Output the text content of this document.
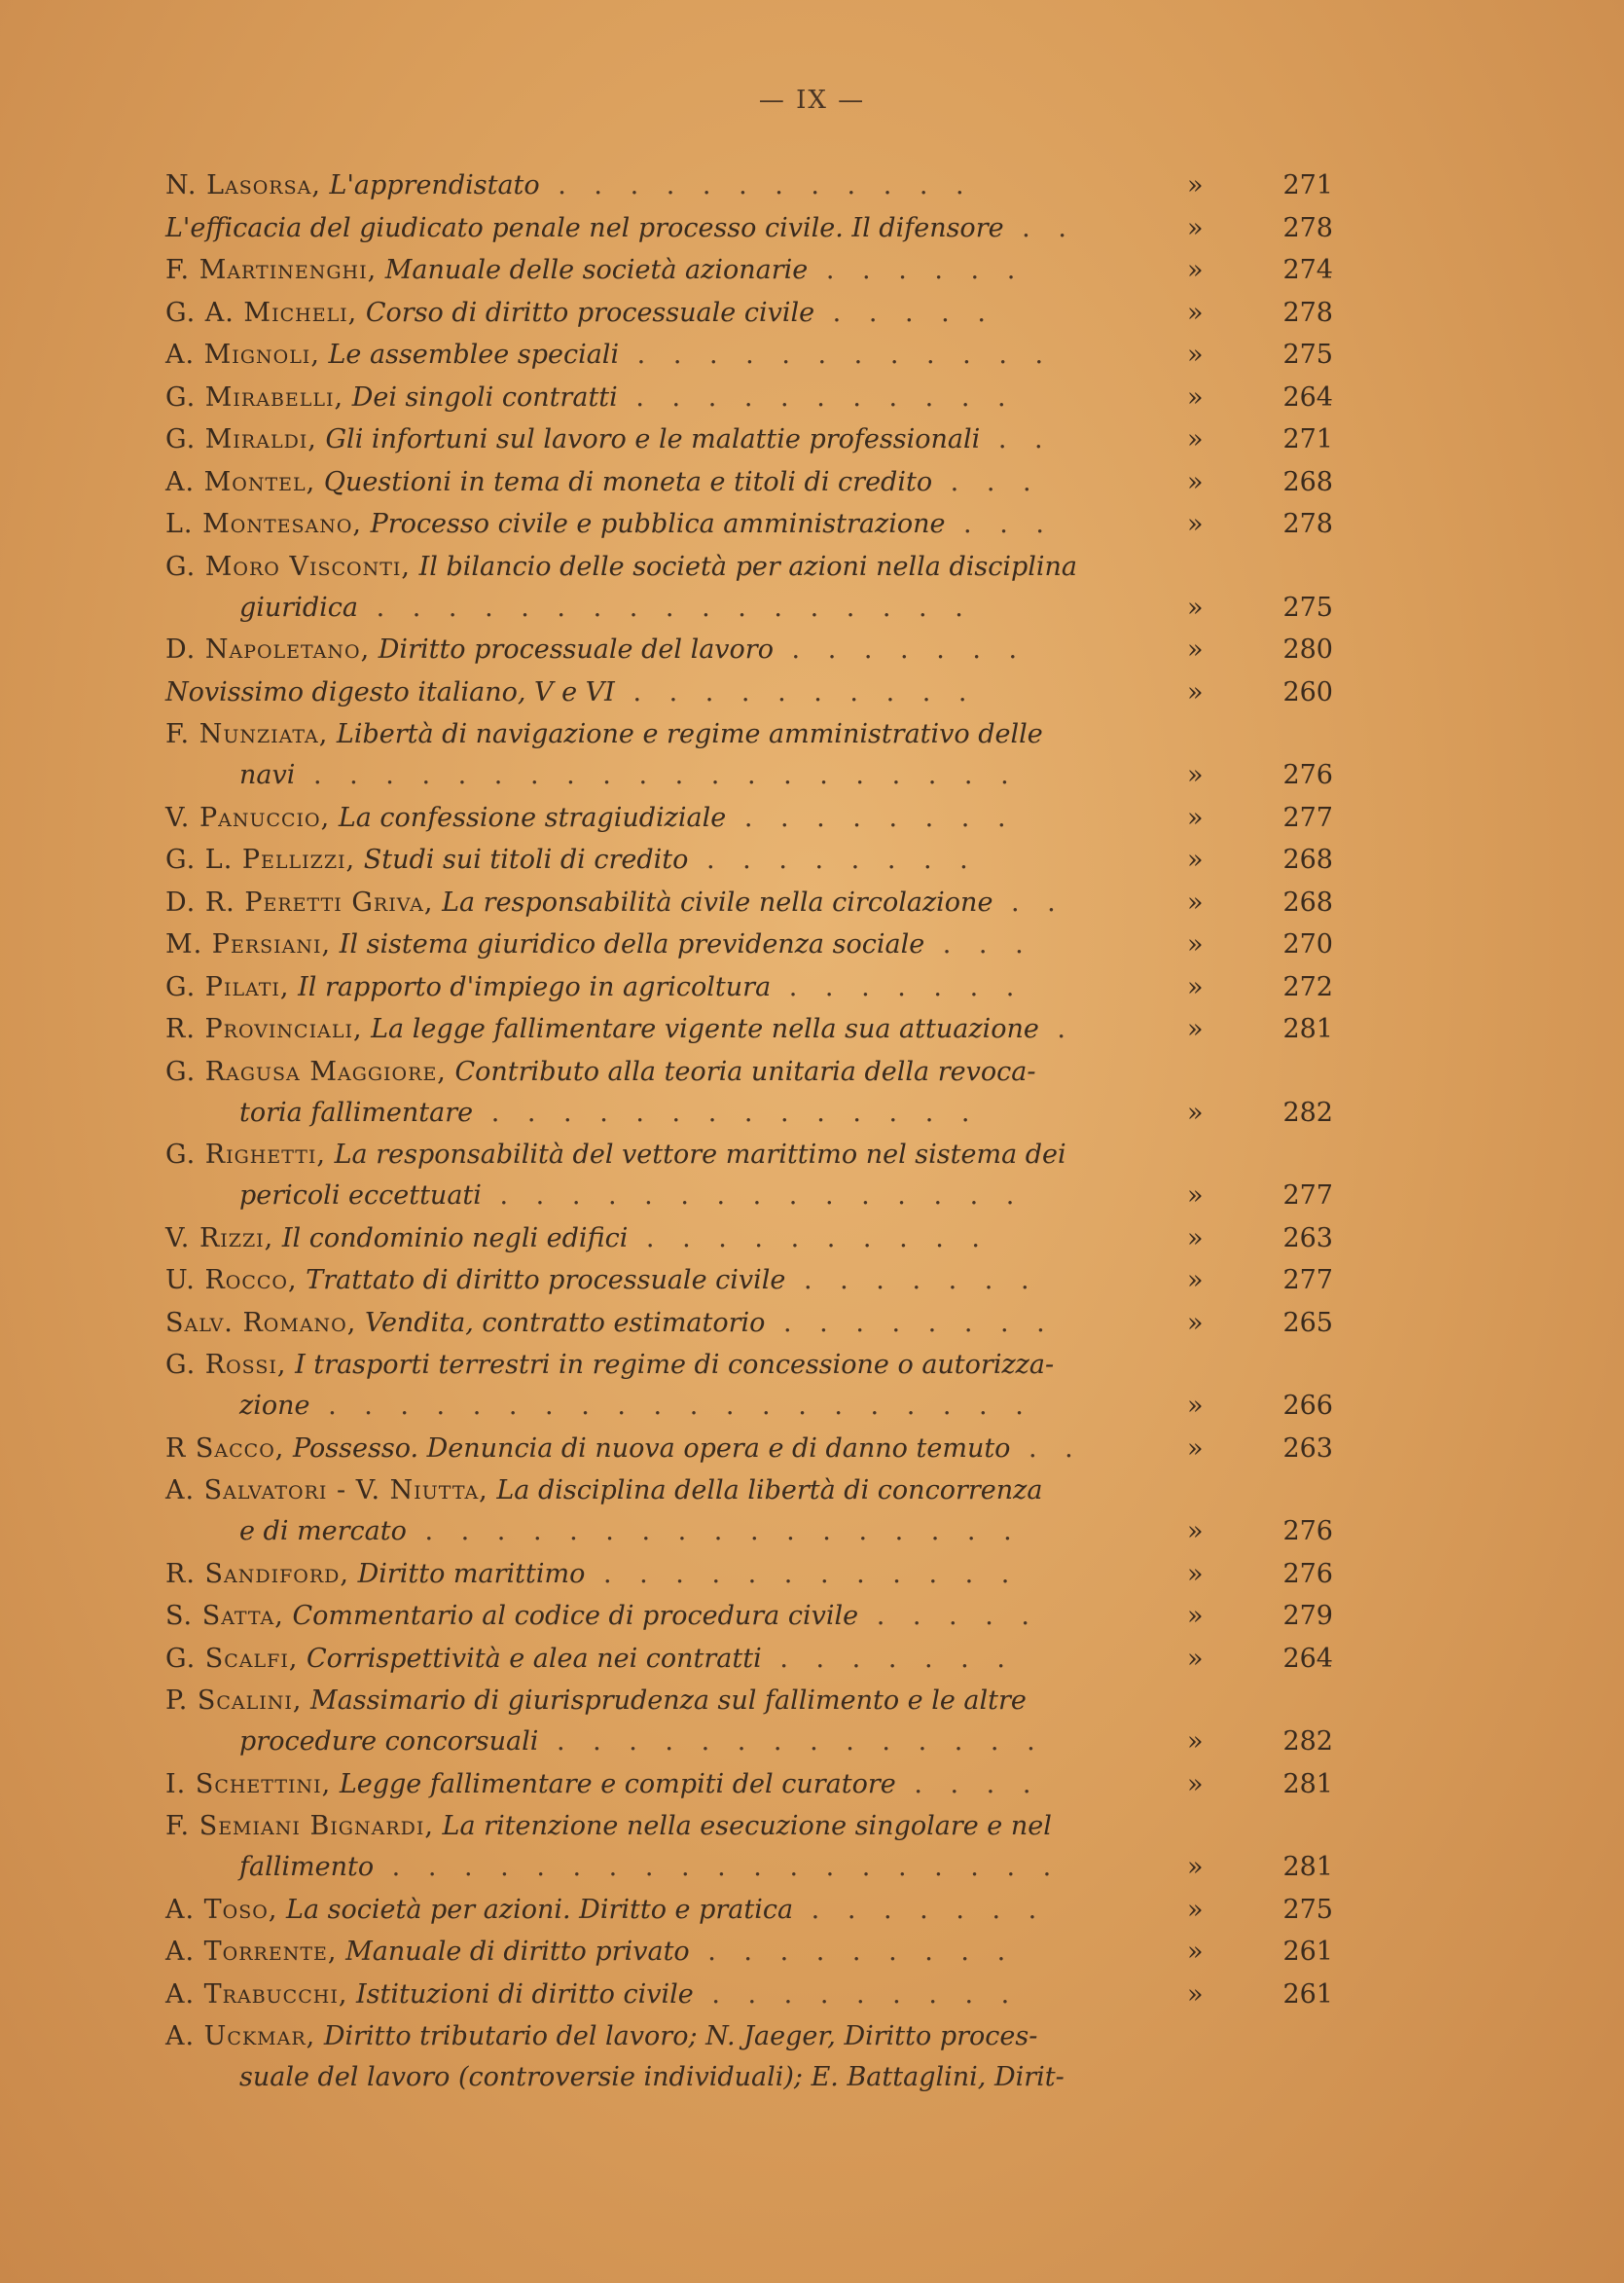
— IX —
N. Lasorsa, L'apprendistato . . . . . . . . . . . .	»	271
L'efficacia del giudicato penale nel processo civile. Il difensore . .	»	278
F. Martinenghi, Manuale delle società azionarie . . . . . .	»	274
G. A. Micheli, Corso di diritto processuale civile . . . . .	»	278
A. Mignoli, Le assemblee speciali . . . . . . . . . . . .	»	275
G. Mirabelli, Dei singoli contratti . . . . . . . . . . .	»	264
G. Miraldi, Gli infortuni sul lavoro e le malattie professionali . .	»	271
A. Montel, Questioni in tema di moneta e titoli di credito . . .	»	268
L. Montesano, Processo civile e pubblica amministrazione . . .	»	278
G. Moro Visconti, Il bilancio delle società per azioni nella disciplina
giuridica . . . . . . . . . . . . . . . . .	»	275
D. Napoletano, Diritto processuale del lavoro . . . . . . .	»	280
Novissimo digesto italiano, V e VI . . . . . . . . . .	»	260
F. Nunziata, Libertà di navigazione e regime amministrativo delle
navi . . . . . . . . . . . . . . . . . . . .	»	276
V. Panuccio, La confessione stragiudiziale . . . . . . . .	»	277
G. L. Pellizzi, Studi sui titoli di credito . . . . . . . .	»	268
D. R. Peretti Griva, La responsabilità civile nella circolazione . .	»	268
M. Persiani, Il sistema giuridico della previdenza sociale . . .	»	270
G. Pilati, Il rapporto d'impiego in agricoltura . . . . . . .	»	272
R. Provinciali, La legge fallimentare vigente nella sua attuazione .	»	281
G. Ragusa Maggiore, Contributo alla teoria unitaria della revoca-
toria fallimentare . . . . . . . . . . . . . .	»	282
G. Righetti, La responsabilità del vettore marittimo nel sistema dei
pericoli eccettuati . . . . . . . . . . . . . . .	»	277
V. Rizzi, Il condominio negli edifici . . . . . . . . . .	»	263
U. Rocco, Trattato di diritto processuale civile . . . . . . .	»	277
Salv. Romano, Vendita, contratto estimatorio . . . . . . . .	»	265
G. Rossi, I trasporti terrestri in regime di concessione o autorizza-
zione . . . . . . . . . . . . . . . . . . . .	»	266
R Sacco, Possesso. Denuncia di nuova opera e di danno temuto . .	»	263
A. Salvatori - V. Niutta, La disciplina della libertà di concorrenza
e di mercato . . . . . . . . . . . . . . . . .	»	276
R. Sandiford, Diritto marittimo . . . . . . . . . . . .	»	276
S. Satta, Commentario al codice di procedura civile . . . . .	»	279
G. Scalfi, Corrispettività e alea nei contratti . . . . . . .	»	264
P. Scalini, Massimario di giurisprudenza sul fallimento e le altre
procedure concorsuali . . . . . . . . . . . . . .	»	282
I. Schettini, Legge fallimentare e compiti del curatore . . . .	»	281
F. Semiani Bignardi, La ritenzione nella esecuzione singolare e nel
fallimento . . . . . . . . . . . . . . . . . . .	»	281
A. Toso, La società per azioni. Diritto e pratica . . . . . . .	»	275
A. Torrente, Manuale di diritto privato . . . . . . . . .	»	261
A. Trabucchi, Istituzioni di diritto civile . . . . . . . . .	»	261
A. Uckmar, Diritto tributario del lavoro; N. Jaeger, Diritto proces-
suale del lavoro (controversie individuali); E. Battaglini, Dirit-
